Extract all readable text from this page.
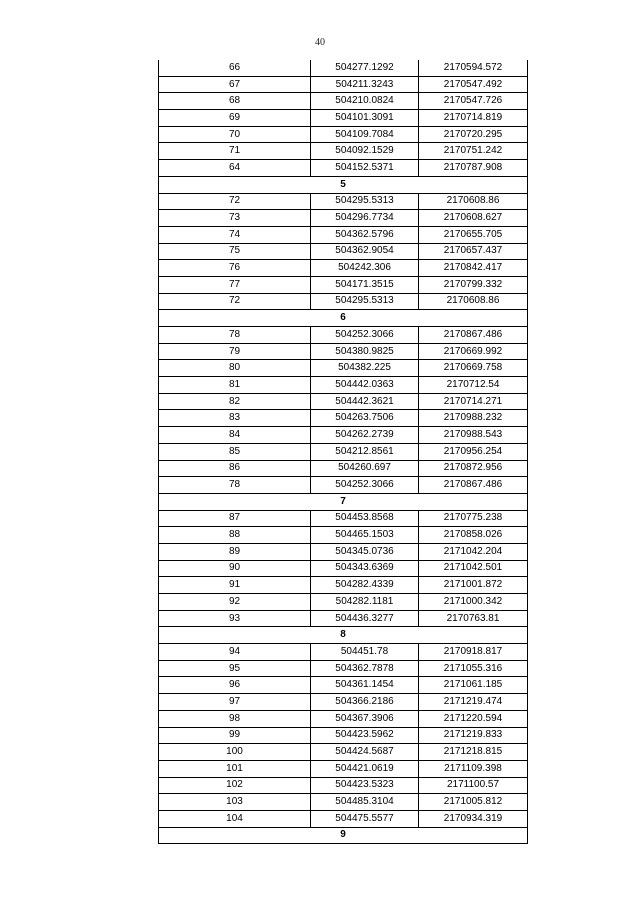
40
66	504277.1292	2170594.572
67	504211.3243	2170547.492
68	504210.0824	2170547.726
69	504101.3091	2170714.819
70	504109.7084	2170720.295
71	504092.1529	2170751.242
64	504152.5371	2170787.908
5		
72	504295.5313	2170608.86
73	504296.7734	2170608.627
74	504362.5796	2170655.705
75	504362.9054	2170657.437
76	504242.306	2170842.417
77	504171.3515	2170799.332
72	504295.5313	2170608.86
6		
78	504252.3066	2170867.486
79	504380.9825	2170669.992
80	504382.225	2170669.758
81	504442.0363	2170712.54
82	504442.3621	2170714.271
83	504263.7506	2170988.232
84	504262.2739	2170988.543
85	504212.8561	2170956.254
86	504260.697	2170872.956
78	504252.3066	2170867.486
7		
87	504453.8568	2170775.238
88	504465.1503	2170858.026
89	504345.0736	2171042.204
90	504343.6369	2171042.501
91	504282.4339	2171001.872
92	504282.1181	2171000.342
93	504436.3277	2170763.81
8		
94	504451.78	2170918.817
95	504362.7878	2171055.316
96	504361.1454	2171061.185
97	504366.2186	2171219.474
98	504367.3906	2171220.594
99	504423.5962	2171219.833
100	504424.5687	2171218.815
101	504421.0619	2171109.398
102	504423.5323	2171100.57
103	504485.3104	2171005.812
104	504475.5577	2170934.319
9		
